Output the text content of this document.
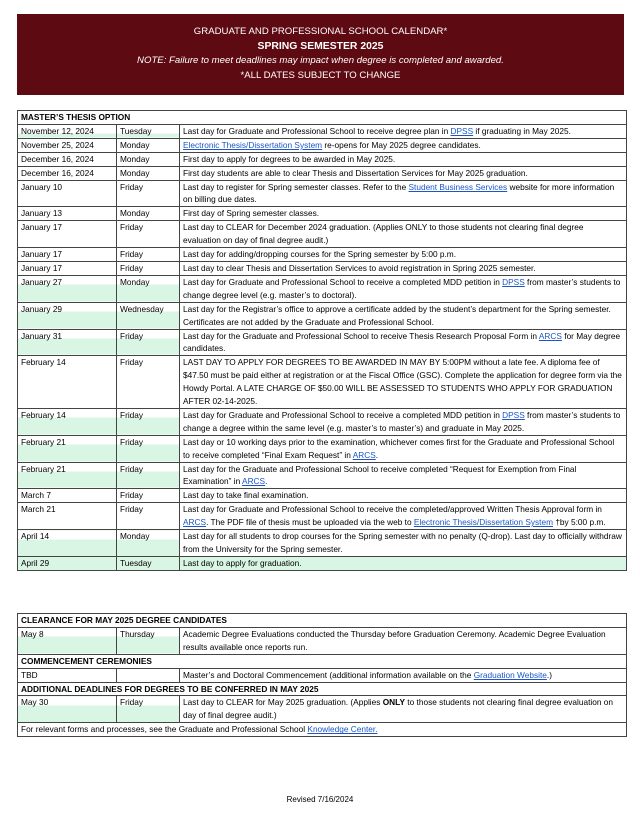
GRADUATE AND PROFESSIONAL SCHOOL CALENDAR*
SPRING SEMESTER 2025
NOTE: Failure to meet deadlines may impact when degree is completed and awarded.
*ALL DATES SUBJECT TO CHANGE
MASTER’S THESIS OPTION		
November 12, 2024	Tuesday	Last day for Graduate and Professional School to receive degree plan in DPSS if graduating in May 2025.
November 25, 2024	Monday	Electronic Thesis/Dissertation System re-opens for May 2025 degree candidates.
December 16, 2024	Monday	First day to apply for degrees to be awarded in May 2025.
December 16, 2024	Monday	First day students are able to clear Thesis and Dissertation Services for May 2025 graduation.
January 10	Friday	Last day to register for Spring semester classes. Refer to the Student Business Services website for more information on billing due dates.
January 13	Monday	First day of Spring semester classes.
January 17	Friday	Last day to CLEAR for December 2024 graduation. (Applies ONLY to those students not clearing final degree evaluation on day of final degree audit.)
January 17	Friday	Last day for adding/dropping courses for the Spring semester by 5:00 p.m.
January 17	Friday	Last day to clear Thesis and Dissertation Services to avoid registration in Spring 2025 semester.
January 27	Monday	Last day for Graduate and Professional School to receive a completed MDD petition in DPSS from master’s students to change degree level (e.g. master’s to doctoral).
January 29	Wednesday	Last day for the Registrar’s office to approve a certificate added by the student’s department for the Spring semester. Certificates are not added by the Graduate and Professional School.
January 31	Friday	Last day for the Graduate and Professional School to receive Thesis Research Proposal Form in ARCS for May degree candidates.
February 14	Friday	LAST DAY TO APPLY FOR DEGREES TO BE AWARDED IN MAY BY 5:00PM without a late fee. A diploma fee of $47.50 must be paid either at registration or at the Fiscal Office (GSC). Complete the application for degree form via the Howdy Portal. A LATE CHARGE OF $50.00 WILL BE ASSESSED TO STUDENTS WHO APPLY FOR GRADUATION AFTER 02-14-2025.
February 14	Friday	Last day for Graduate and Professional School to receive a completed MDD petition in DPSS from master’s students to change a degree within the same level (e.g. master’s to master’s) and graduate in May 2025.
February 21	Friday	Last day or 10 working days prior to the examination, whichever comes first for the Graduate and Professional School to receive completed “Final Exam Request” in ARCS.
February 21	Friday	Last day for the Graduate and Professional School to receive completed “Request for Exemption from Final Examination” in ARCS.
March 7	Friday	Last day to take final examination.
March 21	Friday	Last day for Graduate and Professional School to receive the completed/approved Written Thesis Approval form in ARCS. The PDF file of thesis must be uploaded via the web to Electronic Thesis/Dissertation System †by 5:00 p.m.
April 14	Monday	Last day for all students to drop courses for the Spring semester with no penalty (Q-drop). Last day to officially withdraw from the University for the Spring semester.
April 29	Tuesday	Last day to apply for graduation.
CLEARANCE FOR MAY 2025 DEGREE CANDIDATES		
May 8	Thursday	Academic Degree Evaluations conducted the Thursday before Graduation Ceremony. Academic Degree Evaluation results available once reports run.
COMMENCEMENT CEREMONIES		
TBD		Master’s and Doctoral Commencement (additional information available on the Graduation Website.)
ADDITIONAL DEADLINES FOR DEGREES TO BE CONFERRED IN MAY 2025		
May 30	Friday	Last day to CLEAR for May 2025 graduation. (Applies ONLY to those students not clearing final degree evaluation on day of final degree audit.)
For relevant forms and processes, see the Graduate and Professional School Knowledge Center.		
Revised 7/16/2024
